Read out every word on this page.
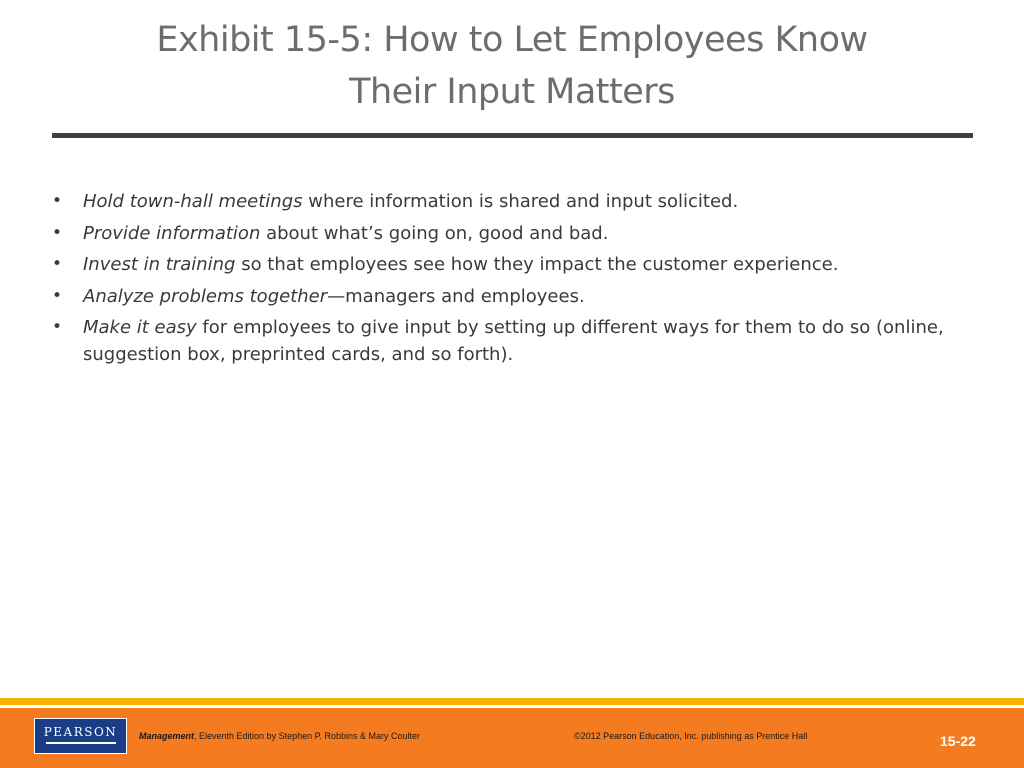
Exhibit 15-5: How to Let Employees Know
Their Input Matters
• Hold town-hall meetings where information is shared and input solicited.
• Provide information about what’s going on, good and bad.
• Invest in training so that employees see how they impact the customer experience.
• Analyze problems together—managers and employees.
• Make it easy for employees to give input by setting up different ways for them to do so (online, suggestion box, preprinted cards, and so forth).
PEARSON	Management, Eleventh Edition by Stephen P. Robbins & Mary Coulter	©2012 Pearson Education, Inc. publishing as Prentice Hall	15-22
